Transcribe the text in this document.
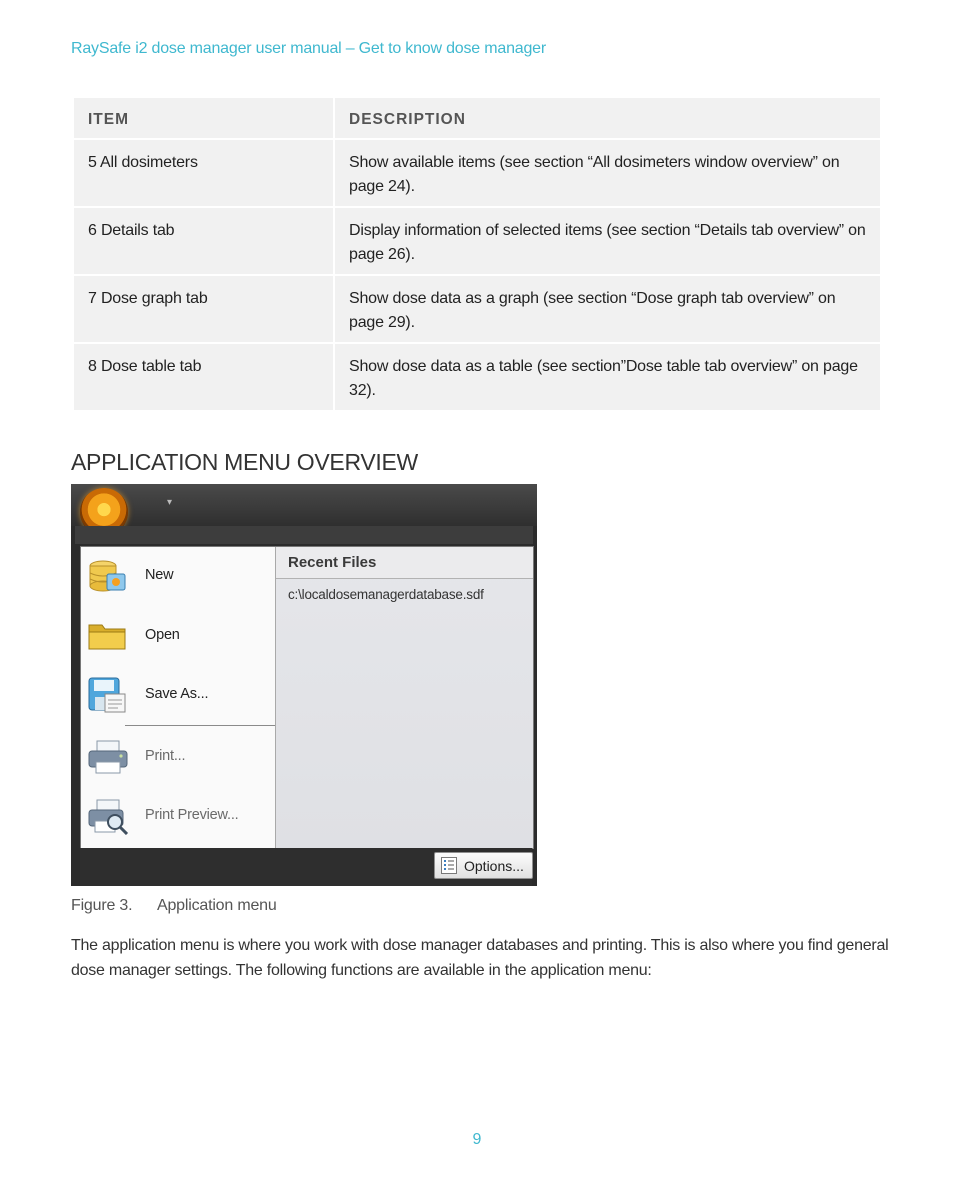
RaySafe i2 dose manager user manual – Get to know dose manager
ITEM	DESCRIPTION
5 All dosimeters	Show available items (see section “All dosimeters window overview” on page 24).
6 Details tab	Display information of selected items (see section “Details tab overview” on page 26).
7 Dose graph tab	Show dose data as a graph (see section “Dose graph tab overview” on page 29).
8 Dose table tab	Show dose data as a table (see section”Dose table tab overview” on page 32).
APPLICATION MENU OVERVIEW
▾
New
Open
Save As...
Print...
Print Preview...
Recent Files
c:\localdosemanagerdatabase.sdf
Options...
Figure 3. Application menu
The application menu is where you work with dose manager databases and printing. This is also where you find general dose manager settings. The following functions are available in the application menu:
9
